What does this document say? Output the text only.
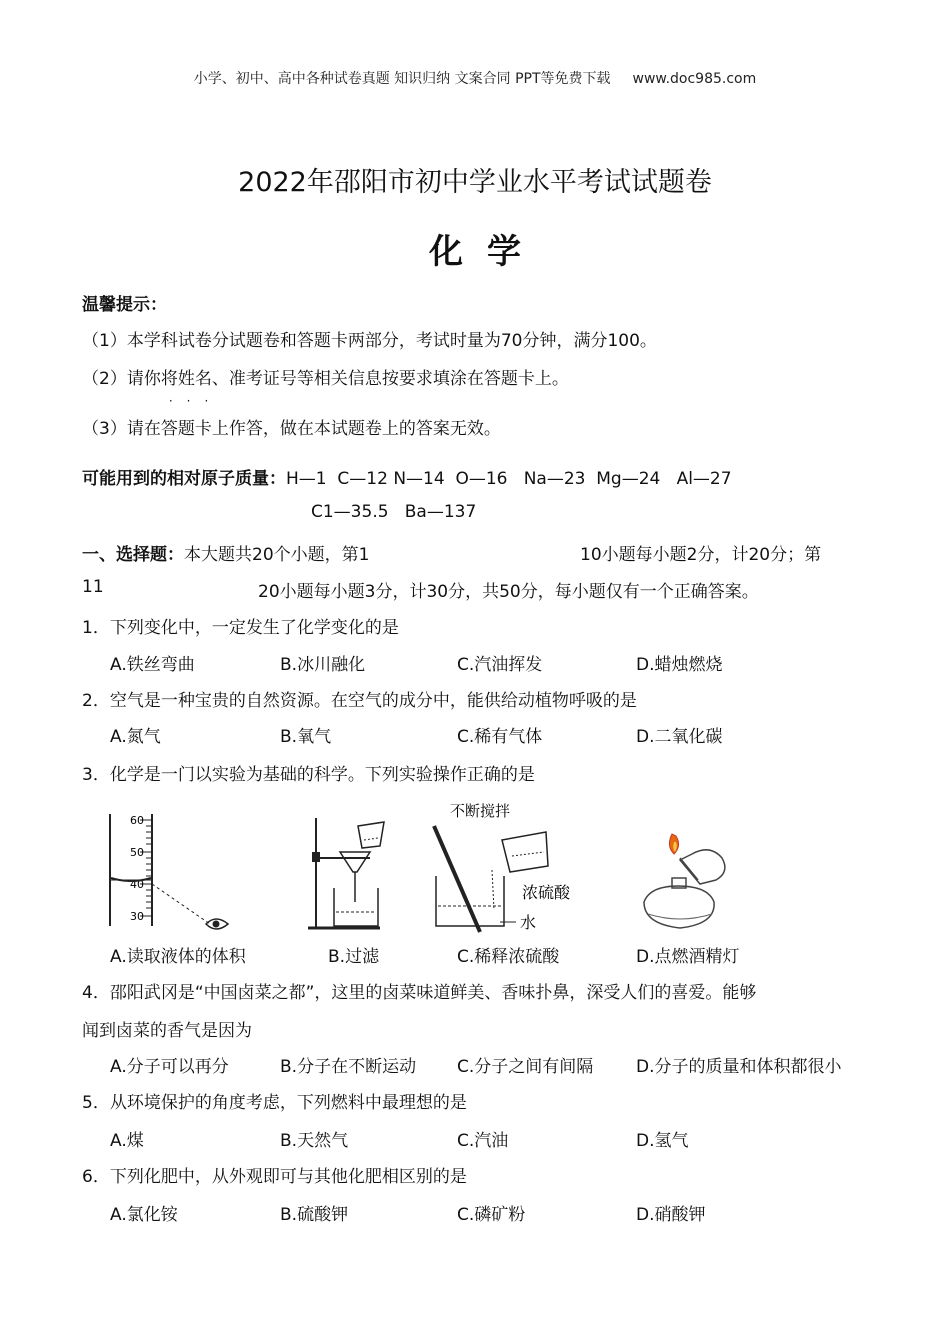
小学、初中、高中各种试卷真题 知识归纳 文案合同 PPT等免费下载 www.doc985.com
2022年邵阳市初中学业水平考试试题卷
化学
温馨提示：
（1）本学科试卷分试题卷和答题卡两部分，考试时量为70分钟，满分100。
（2）请你将姓名、准考证号等相关信息按要求填涂在答题卡上。
（3）请在
···
答题卡上作答，做在本试题卷上的答案无效。
可能用到的相对原子质量：H—1  C—12 N—14  O—16   Na—23  Mg—24   Al—27
C1—35.5   Ba—137
一、选择题：本大题共20个小题，第1	10小题每小题2分，计20分；第
11	20小题每小题3分，计30分，共50分，每小题仅有一个正确答案。
1．下列变化中，一定发生了化学变化的是
A.铁丝弯曲	B.冰川融化	C.汽油挥发	D.蜡烛燃烧
2．空气是一种宝贵的自然资源。在空气的成分中，能供给动植物呼吸的是
A.氮气	B.氧气	C.稀有气体	D.二氧化碳
3．化学是一门以实验为基础的科学。下列实验操作正确的是
60
50
40
30
不断搅拌
浓硫酸
水
A.读取液体的体积	B.过滤	C.稀释浓硫酸	D.点燃酒精灯
4．邵阳武冈是“中国卤菜之都”，这里的卤菜味道鲜美、香味扑鼻，深受人们的喜爱。能够
闻到卤菜的香气是因为
A.分子可以再分	B.分子在不断运动 C.分子之间有间隔	D.分子的质量和体积都很小
5．从环境保护的角度考虑，下列燃料中最理想的是
A.煤	B.天然气	C.汽油	D.氢气
6．下列化肥中，从外观即可与其他化肥相区别的是
A.氯化铵	B.硫酸钾	C.磷矿粉	D.硝酸钾
